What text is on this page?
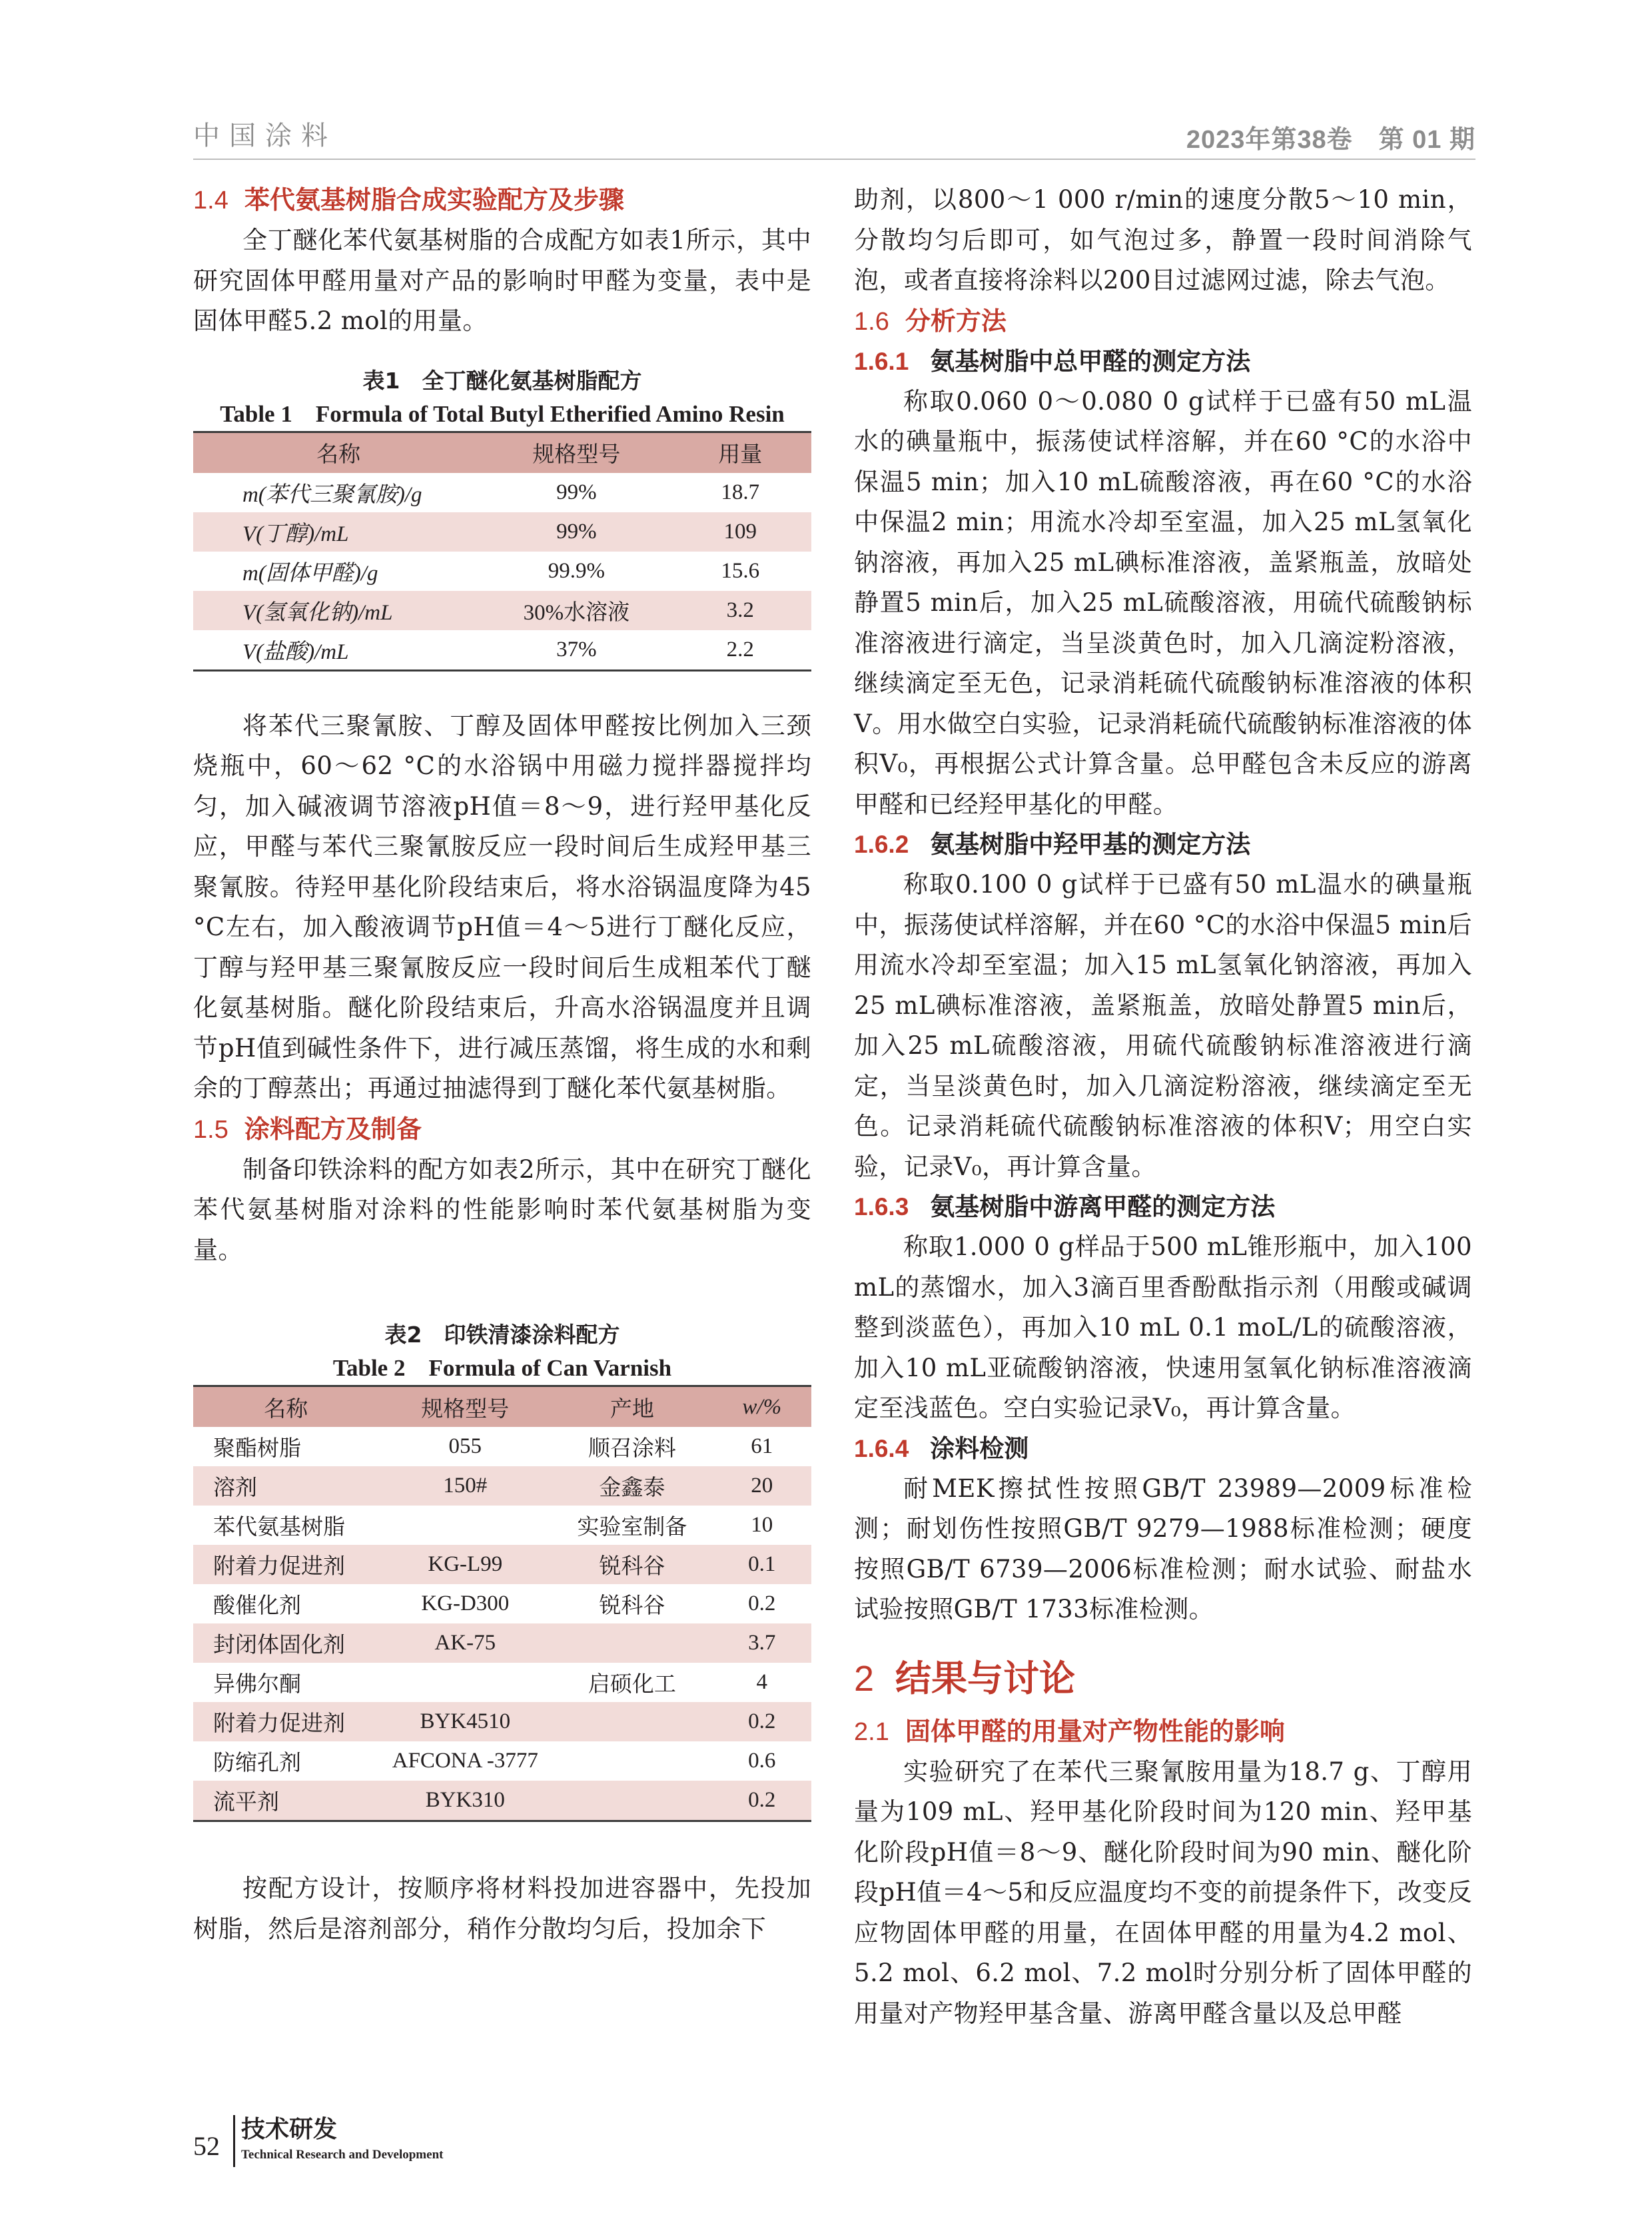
中国涂料	2023年第38卷　第 01 期
1.4 苯代氨基树脂合成实验配方及步骤

全丁醚化苯代氨基树脂的合成配方如表1所示，其中研究固体甲醛用量对产品的影响时甲醛为变量，表中是固体甲醛5.2 mol的用量。

表1　全丁醚化氨基树脂配方

Table 1　Formula of Total Butyl Etherified Amino Resin

名称	规格型号	用量
m(苯代三聚氰胺)/g	99%	18.7
V(丁醇)/mL	99%	109
m(固体甲醛)/g	99.9%	15.6
V(氢氧化钠)/mL	30%水溶液	3.2
V(盐酸)/mL	37%	2.2

将苯代三聚氰胺、丁醇及固体甲醛按比例加入三颈烧瓶中，60～62 °C的水浴锅中用磁力搅拌器搅拌均匀，加入碱液调节溶液pH值＝8～9，进行羟甲基化反应，甲醛与苯代三聚氰胺反应一段时间后生成羟甲基三聚氰胺。待羟甲基化阶段结束后，将水浴锅温度降为45 °C左右，加入酸液调节pH值＝4～5进行丁醚化反应，丁醇与羟甲基三聚氰胺反应一段时间后生成粗苯代丁醚化氨基树脂。醚化阶段结束后，升高水浴锅温度并且调节pH值到碱性条件下，进行减压蒸馏，将生成的水和剩余的丁醇蒸出；再通过抽滤得到丁醚化苯代氨基树脂。

1.5 涂料配方及制备

制备印铁涂料的配方如表2所示，其中在研究丁醚化苯代氨基树脂对涂料的性能影响时苯代氨基树脂为变量。

表2　印铁清漆涂料配方

Table 2　Formula of Can Varnish

名称	规格型号	产地	w/%
聚酯树脂	055	顺召涂料	61
溶剂	150#	金鑫泰	20
苯代氨基树脂		实验室制备	10
附着力促进剂	KG-L99	锐科谷	0.1
酸催化剂	KG-D300	锐科谷	0.2
封闭体固化剂	AK-75		3.7
异佛尔酮		启硕化工	4
附着力促进剂	BYK4510		0.2
防缩孔剂	AFCONA -3777		0.6
流平剂	BYK310		0.2

按配方设计，按顺序将材料投加进容器中，先投加树脂，然后是溶剂部分，稍作分散均匀后，投加余下

助剂，以800～1 000 r/min的速度分散5～10 min，分散均匀后即可，如气泡过多，静置一段时间消除气泡，或者直接将涂料以200目过滤网过滤，除去气泡。

1.6 分析方法
1.6.1 氨基树脂中总甲醛的测定方法

称取0.060 0～0.080 0 g试样于已盛有50 mL温水的碘量瓶中，振荡使试样溶解，并在60 °C的水浴中保温5 min；加入10 mL硫酸溶液，再在60 °C的水浴中保温2 min；用流水冷却至室温，加入25 mL氢氧化钠溶液，再加入25 mL碘标准溶液，盖紧瓶盖，放暗处静置5 min后，加入25 mL硫酸溶液，用硫代硫酸钠标准溶液进行滴定，当呈淡黄色时，加入几滴淀粉溶液，继续滴定至无色，记录消耗硫代硫酸钠标准溶液的体积V。用水做空白实验，记录消耗硫代硫酸钠标准溶液的体积V₀，再根据公式计算含量。总甲醛包含未反应的游离甲醛和已经羟甲基化的甲醛。

1.6.2 氨基树脂中羟甲基的测定方法

称取0.100 0 g试样于已盛有50 mL温水的碘量瓶中，振荡使试样溶解，并在60 °C的水浴中保温5 min后用流水冷却至室温；加入15 mL氢氧化钠溶液，再加入25 mL碘标准溶液，盖紧瓶盖，放暗处静置5 min后，加入25 mL硫酸溶液，用硫代硫酸钠标准溶液进行滴定，当呈淡黄色时，加入几滴淀粉溶液，继续滴定至无色。记录消耗硫代硫酸钠标准溶液的体积V；用空白实验，记录V₀，再计算含量。

1.6.3 氨基树脂中游离甲醛的测定方法

称取1.000 0 g样品于500 mL锥形瓶中，加入100 mL的蒸馏水，加入3滴百里香酚酞指示剂（用酸或碱调整到淡蓝色），再加入10 mL 0.1 moL/L的硫酸溶液，加入10 mL亚硫酸钠溶液，快速用氢氧化钠标准溶液滴定至浅蓝色。空白实验记录V₀，再计算含量。

1.6.4 涂料检测

耐MEK擦拭性按照GB/T 23989—2009标准检测；耐划伤性按照GB/T 9279—1988标准检测；硬度按照GB/T 6739—2006标准检测；耐水试验、耐盐水试验按照GB/T 1733标准检测。

2 结果与讨论
2.1 固体甲醛的用量对产物性能的影响

实验研究了在苯代三聚氰胺用量为18.7 g、丁醇用量为109 mL、羟甲基化阶段时间为120 min、羟甲基化阶段pH值＝8～9、醚化阶段时间为90 min、醚化阶段pH值＝4～5和反应温度均不变的前提条件下，改变反应物固体甲醛的用量，在固体甲醛的用量为4.2 mol、5.2 mol、6.2 mol、7.2 mol时分别分析了固体甲醛的用量对产物羟甲基含量、游离甲醛含量以及总甲醛

52
技术研发
Technical Research and Development
